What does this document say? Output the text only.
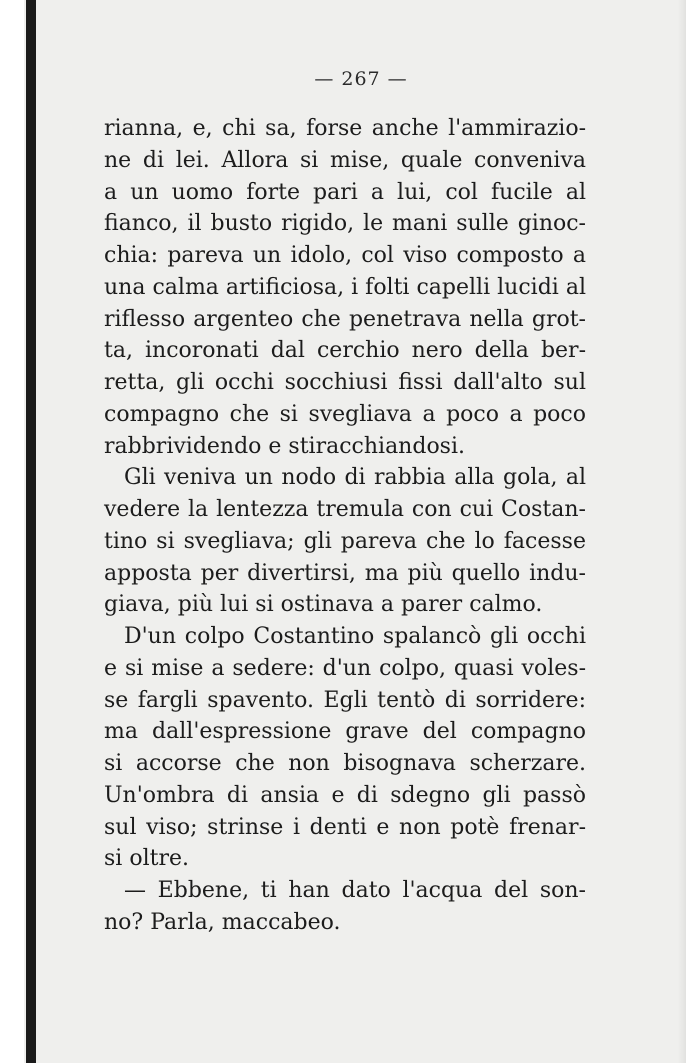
— 267 —
rianna, e, chi sa, forse anche l'ammirazio-
ne di lei. Allora si mise, quale conveniva
a un uomo forte pari a lui, col fucile al
fianco, il busto rigido, le mani sulle ginoc-
chia: pareva un idolo, col viso composto a
una calma artificiosa, i folti capelli lucidi al
riflesso argenteo che penetrava nella grot-
ta, incoronati dal cerchio nero della ber-
retta, gli occhi socchiusi fissi dall'alto sul
compagno che si svegliava a poco a poco
rabbrividendo e stiracchiandosi.
Gli veniva un nodo di rabbia alla gola, al
vedere la lentezza tremula con cui Costan-
tino si svegliava; gli pareva che lo facesse
apposta per divertirsi, ma più quello indu-
giava, più lui si ostinava a parer calmo.
D'un colpo Costantino spalancò gli occhi
e si mise a sedere: d'un colpo, quasi voles-
se fargli spavento. Egli tentò di sorridere:
ma dall'espressione grave del compagno
si accorse che non bisognava scherzare.
Un'ombra di ansia e di sdegno gli passò
sul viso; strinse i denti e non potè frenar-
si oltre.
— Ebbene, ti han dato l'acqua del son-
no? Parla, maccabeo.
